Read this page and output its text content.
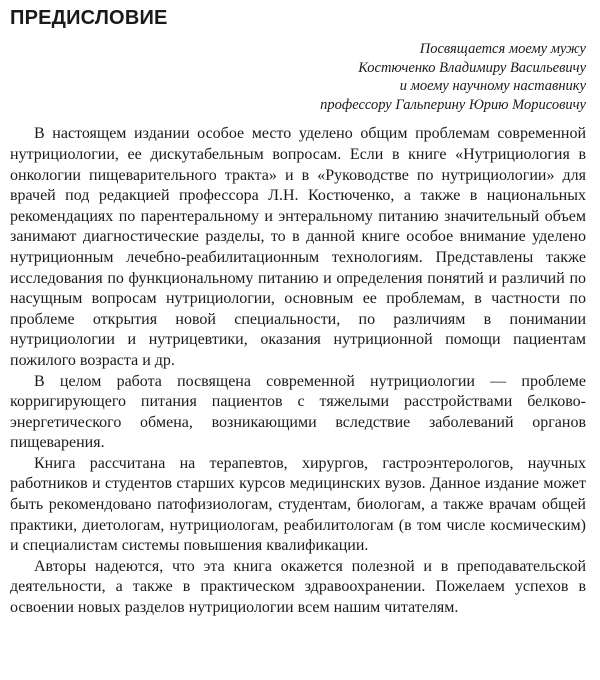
ПРЕДИСЛОВИЕ
Посвящается моему мужу
Костюченко Владимиру Васильевичу
и моему научному наставнику
профессору Гальперину Юрию Морисовичу

В настоящем издании особое место уделено общим проблемам современной нутрициологии, ее дискутабельным вопросам. Если в книге «Нутрициология в онкологии пищеварительного тракта» и в «Руководстве по нутрициологии» для врачей под редакцией профессора Л.Н. Костюченко, а также в национальных рекомендациях по парентеральному и энтеральному питанию значительный объем занимают диагностические разделы, то в данной книге особое внимание уделено нутриционным лечебно-реабилитационным технологиям. Представлены также исследования по функциональному питанию и определения понятий и различий по насущным вопросам нутрициологии, основным ее проблемам, в частности по проблеме открытия новой специальности, по различиям в понимании нутрициологии и нутрицевтики, оказания нутриционной помощи пациентам пожилого возраста и др.

В целом работа посвящена современной нутрициологии — проблеме корригирующего питания пациентов с тяжелыми расстройствами белково-энергетического обмена, возникающими вследствие заболеваний органов пищеварения.

Книга рассчитана на терапевтов, хирургов, гастроэнтерологов, научных работников и студентов старших курсов медицинских вузов. Данное издание может быть рекомендовано патофизиологам, студентам, биологам, а также врачам общей практики, диетологам, нутрициологам, реабилитологам (в том числе космическим) и специалистам системы повышения квалификации.

Авторы надеются, что эта книга окажется полезной и в преподавательской деятельности, а также в практическом здравоохранении. Пожелаем успехов в освоении новых разделов нутрициологии всем нашим читателям.
